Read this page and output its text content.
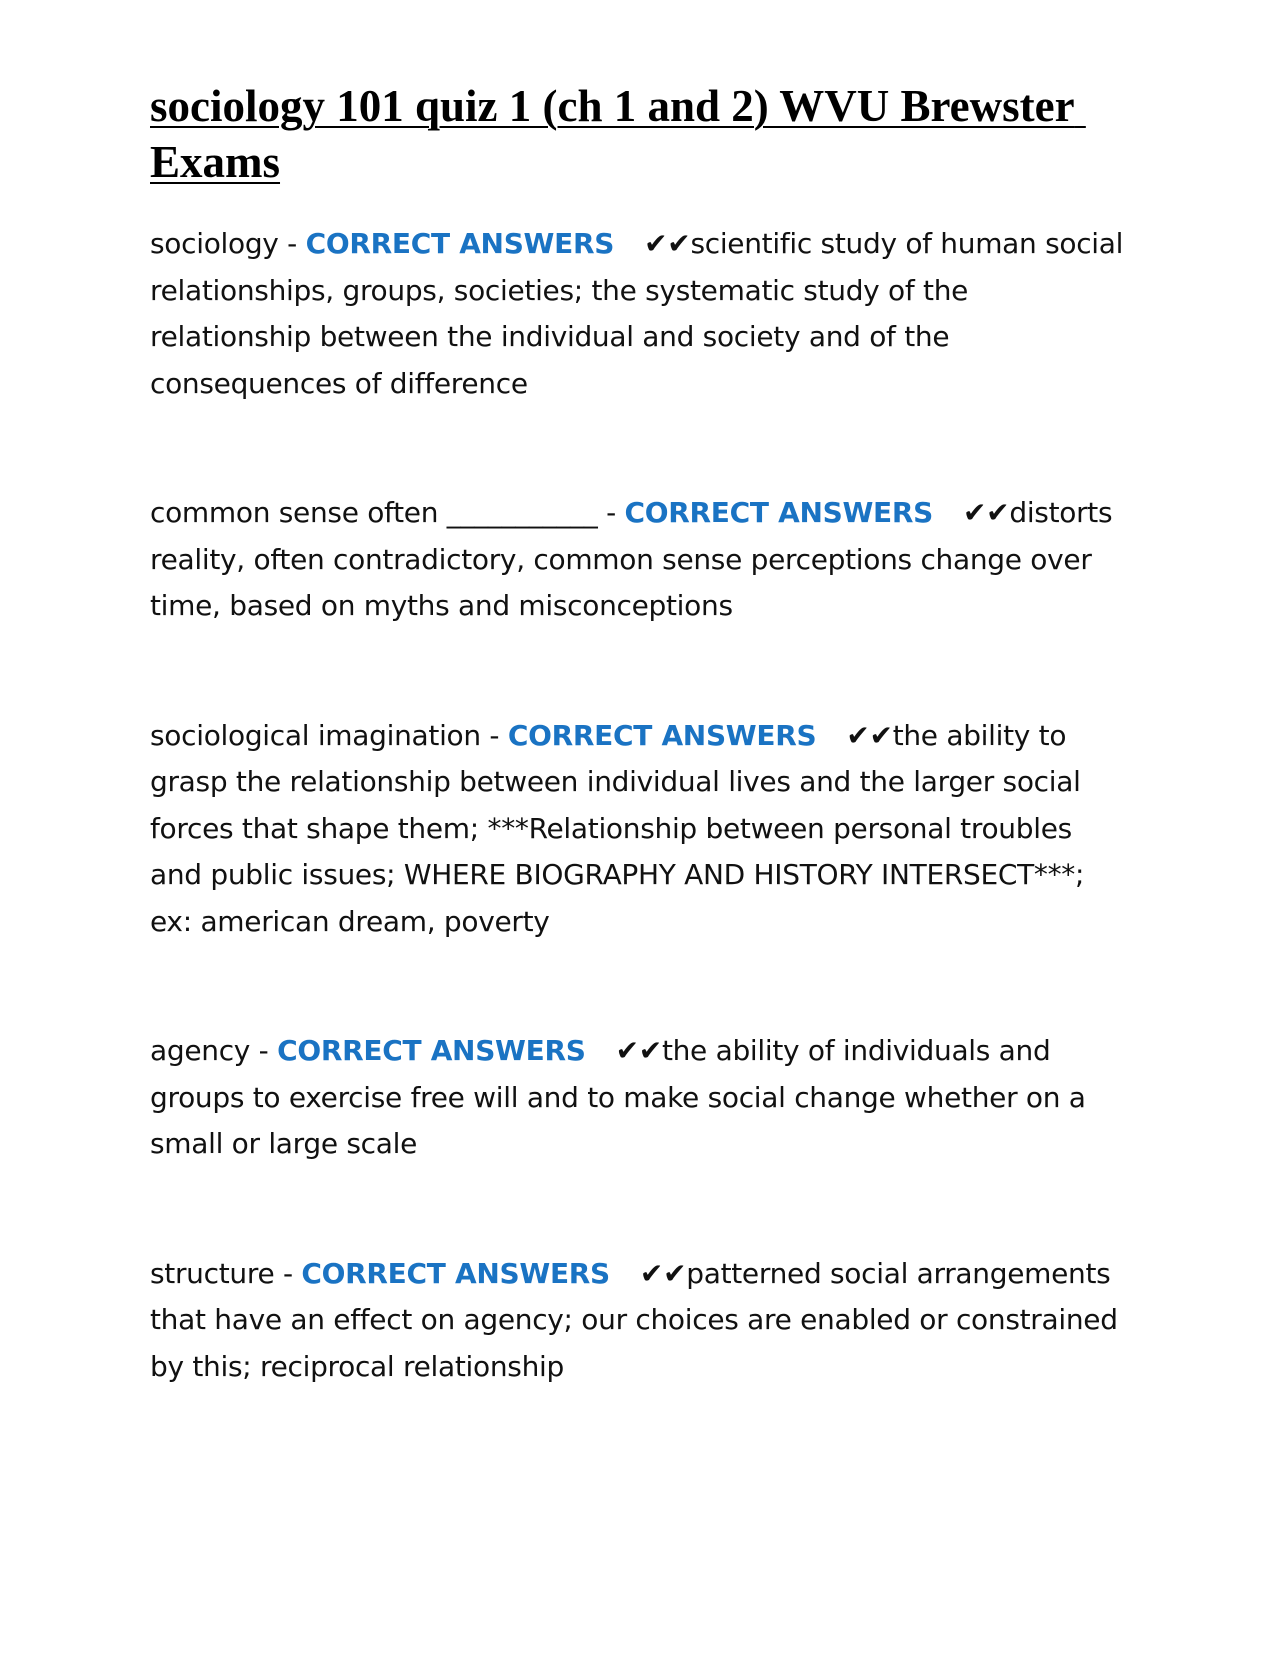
sociology 101 quiz 1 (ch 1 and 2) WVU Brewster Exams

sociology - CORRECT ANSWERS ✔✔scientific study of human social relationships, groups, societies; the systematic study of the relationship between the individual and society and of the consequences of difference

common sense often ___________ - CORRECT ANSWERS ✔✔distorts reality, often contradictory, common sense perceptions change over time, based on myths and misconceptions

sociological imagination - CORRECT ANSWERS ✔✔the ability to grasp the relationship between individual lives and the larger social forces that shape them; ***Relationship between personal troubles and public issues; WHERE BIOGRAPHY AND HISTORY INTERSECT***; ex: american dream, poverty

agency - CORRECT ANSWERS ✔✔the ability of individuals and groups to exercise free will and to make social change whether on a small or large scale

structure - CORRECT ANSWERS ✔✔patterned social arrangements that have an effect on agency; our choices are enabled or constrained by this; reciprocal relationship
